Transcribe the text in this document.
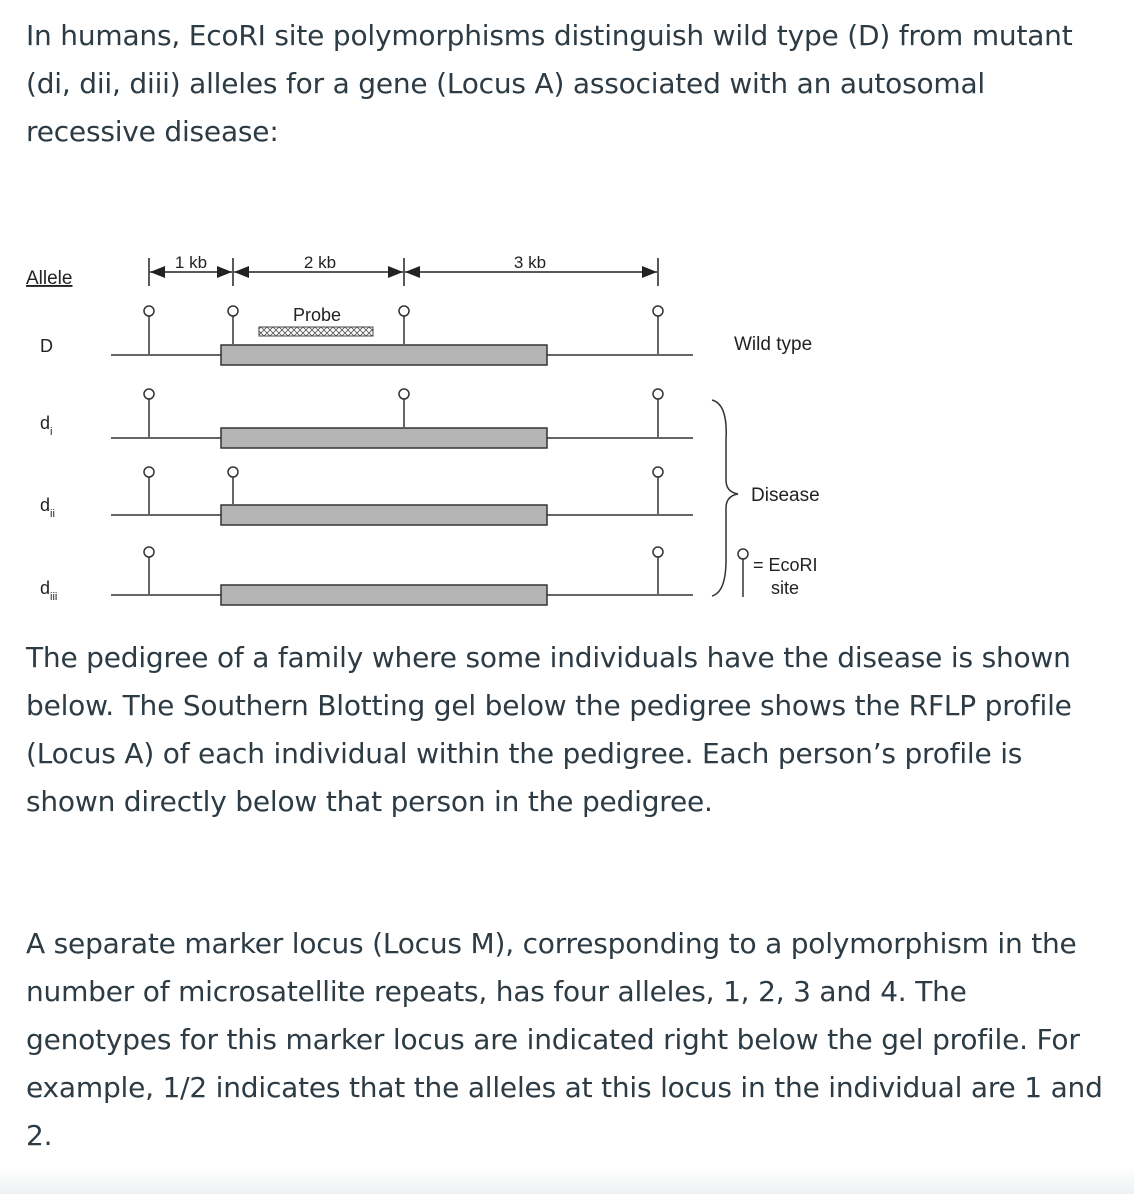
In humans, EcoRI site polymorphisms distinguish wild type (D) from mutant (di, dii, diii) alleles for a gene (Locus A) associated with an autosomal recessive disease:

Allele
1 kb	2 kb	3 kb
Probe
D
$d_i$
$d_{ii}$
$d_{iii}$
Wild type
Disease
= EcoRI
site

The pedigree of a family where some individuals have the disease is shown below. The Southern Blotting gel below the pedigree shows the RFLP profile (Locus A) of each individual within the pedigree. Each person’s profile is shown directly below that person in the pedigree.

A separate marker locus (Locus M), corresponding to a polymorphism in the number of microsatellite repeats, has four alleles, 1, 2, 3 and 4. The genotypes for this marker locus are indicated right below the gel profile. For example, 1/2 indicates that the alleles at this locus in the individual are 1 and 2.
